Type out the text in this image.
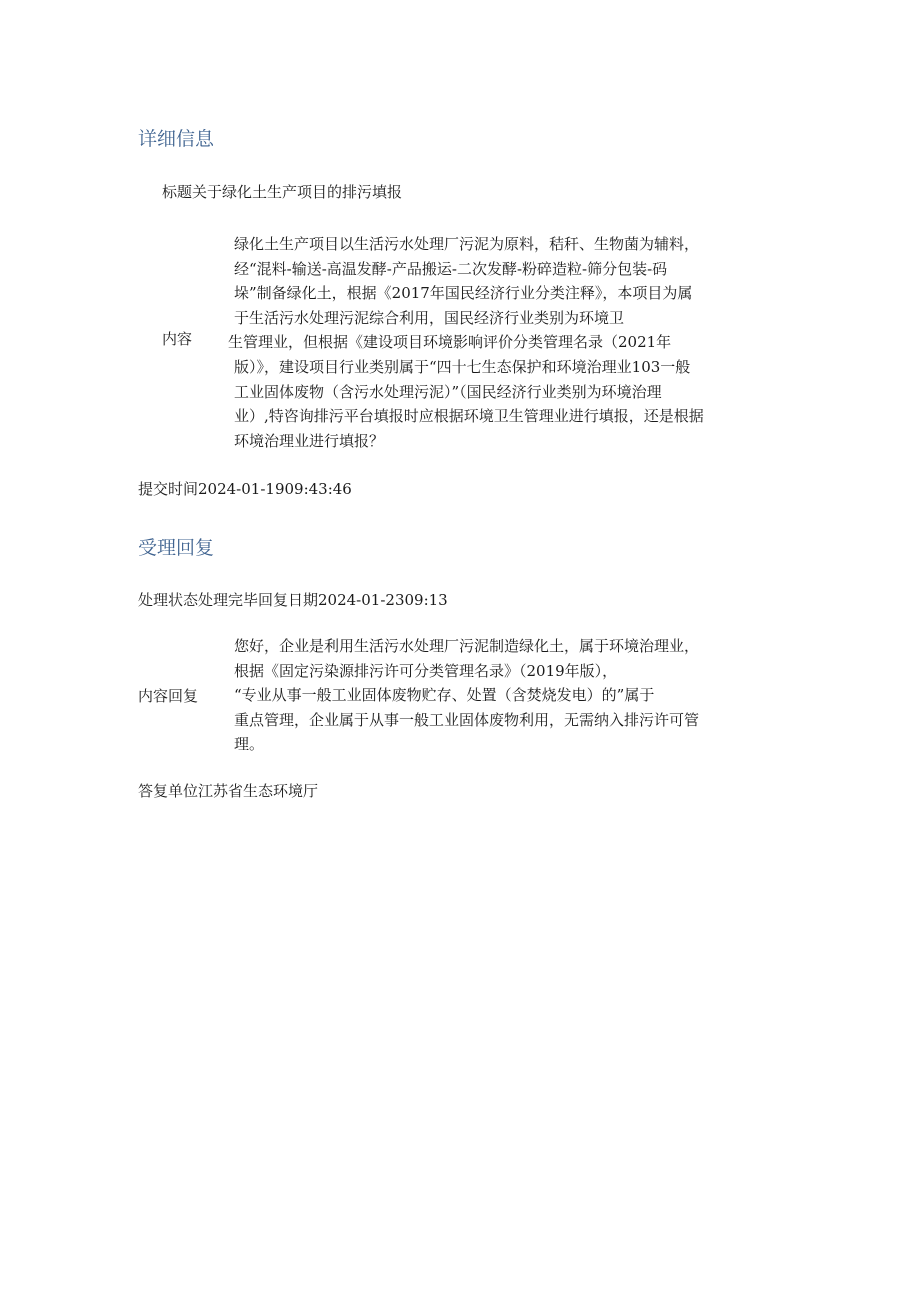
详细信息
标题关于绿化土生产项目的排污填报
内容

绿化土生产项目以生活污水处理厂污泥为原料，秸秆、生物菌为辅料，

经“混料-输送-高温发酵-产品搬运-二次发酵-粉碎造粒-筛分包装-码

垛”制备绿化土，根据《2017年国民经济行业分类注释》，本项目为属

于生活污水处理污泥综合利用，国民经济行业类别为环境卫

生管理业，但根据《建设项目环境影响评价分类管理名录（2021年

版）》，建设项目行业类别属于“四十七生态保护和环境治理业103一般

工业固体废物（含污水处理污泥）”（国民经济行业类别为环境治理

业）,特咨询排污平台填报时应根据环境卫生管理业进行填报，还是根据

环境治理业进行填报？

提交时间2024-01-1909:43:46
受理回复
处理状态处理完毕回复日期2024-01-2309:13
内容回复

您好，企业是利用生活污水处理厂污泥制造绿化土，属于环境治理业，

根据《固定污染源排污许可分类管理名录》（2019年版），

“专业从事一般工业固体废物贮存、处置（含焚烧发电）的”属于

重点管理，企业属于从事一般工业固体废物利用，无需纳入排污许可管

理。

答复单位江苏省生态环境厅
